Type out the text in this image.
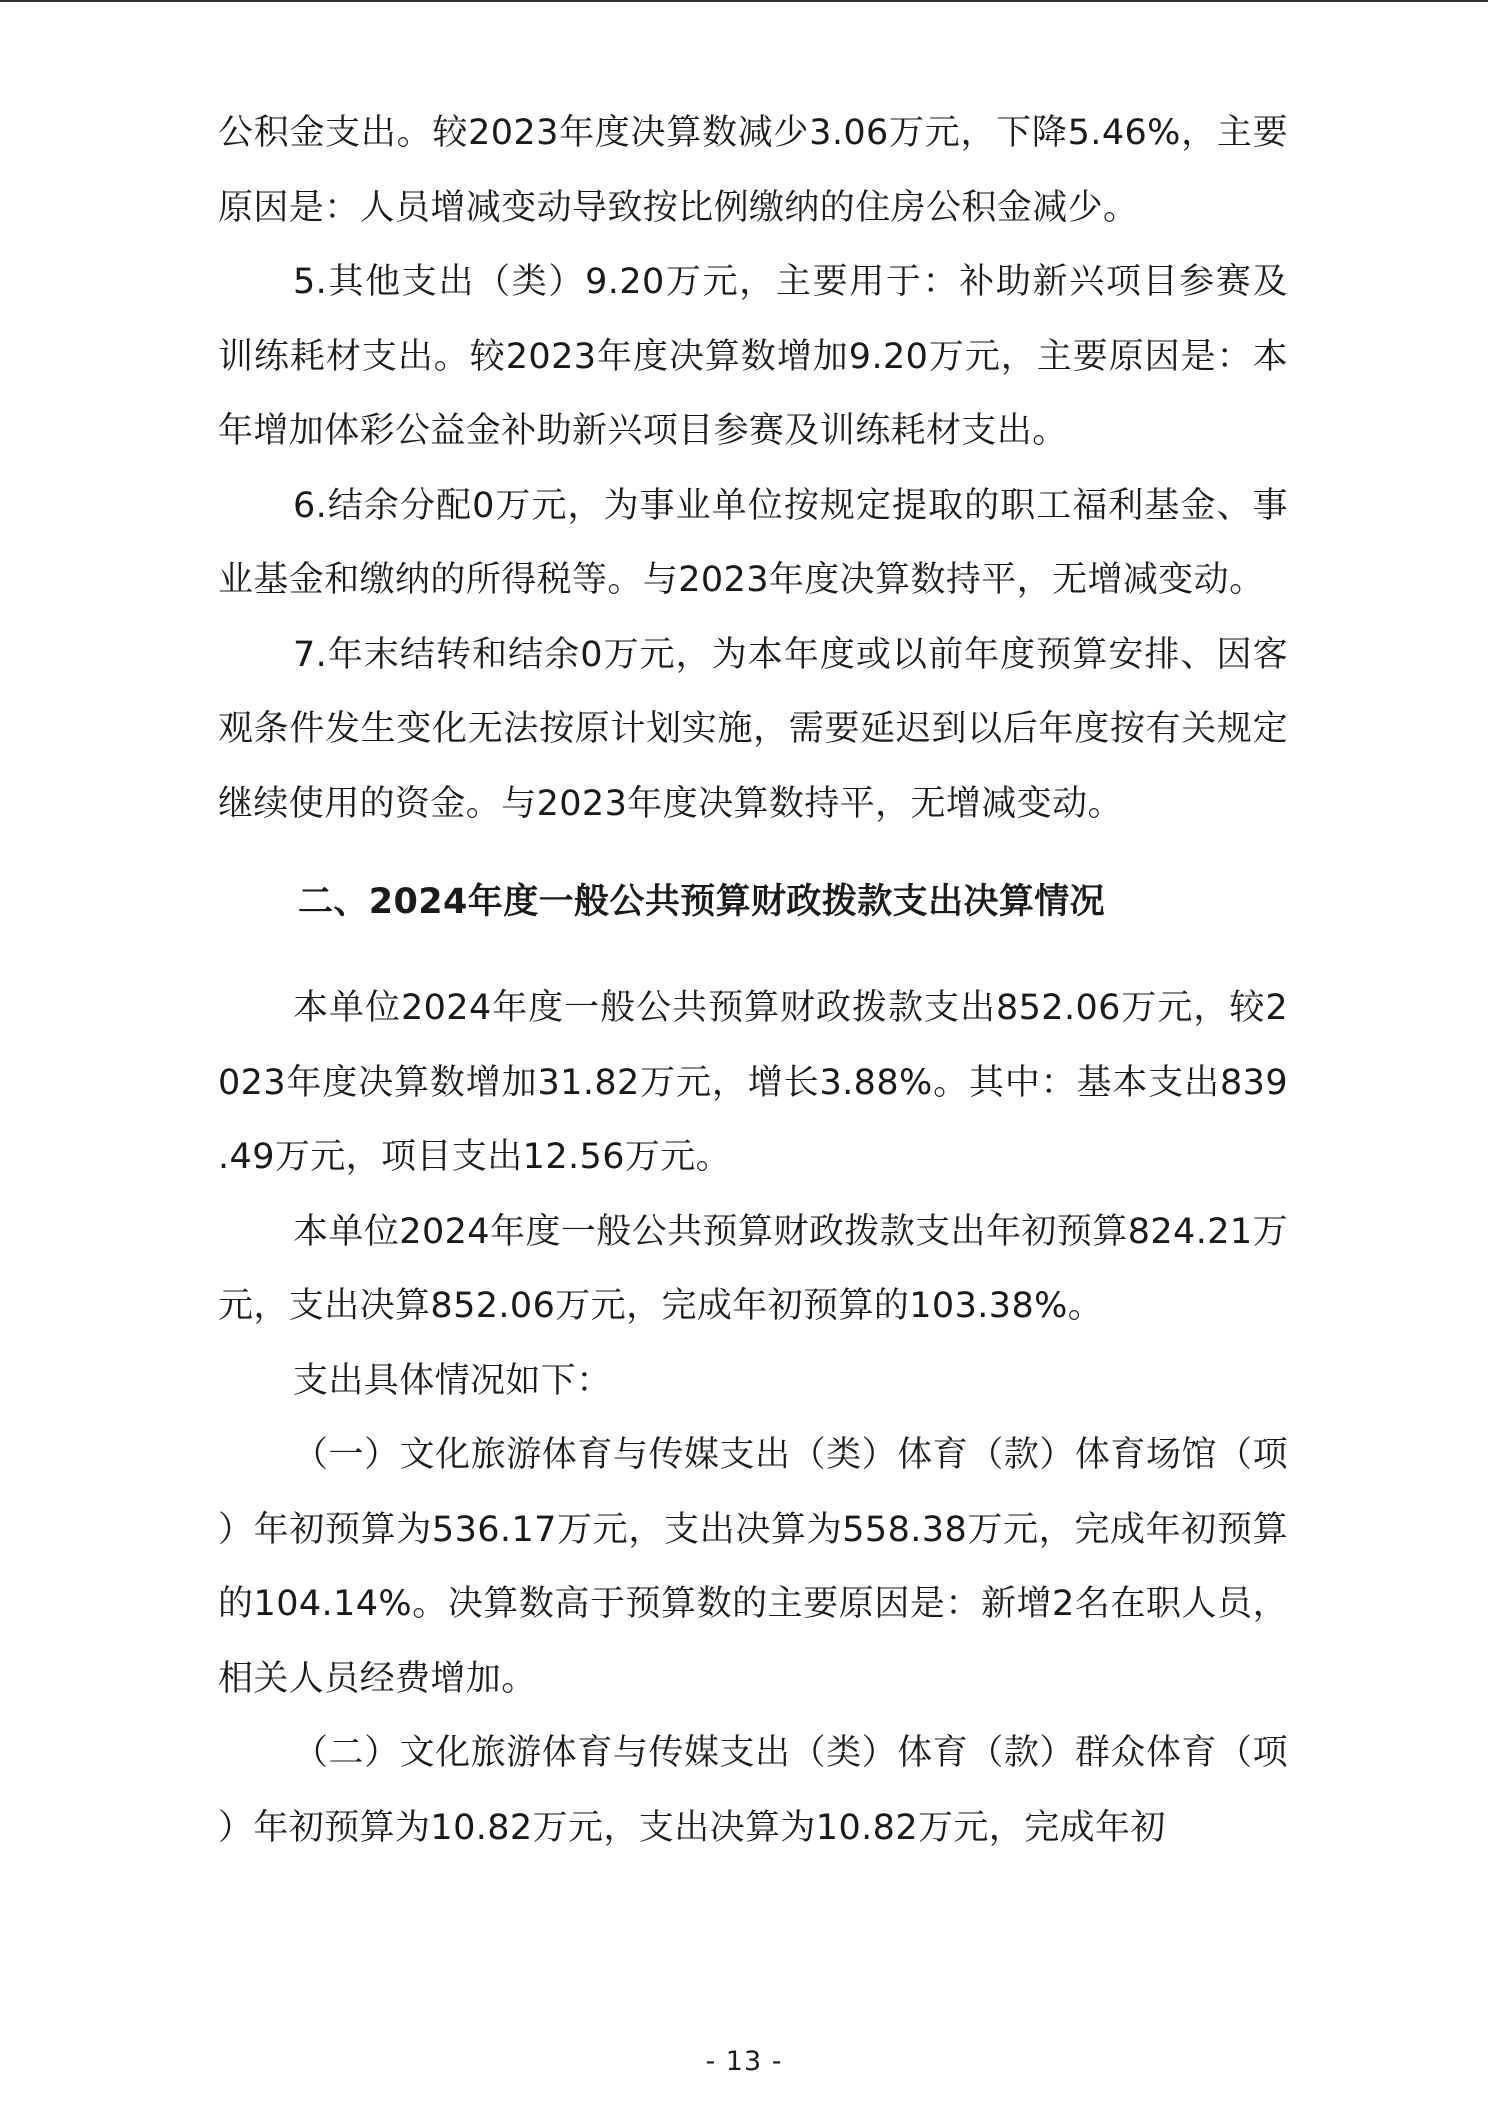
公积金支出。较2023年度决算数减少3.06万元，下降5.46%，主要原因是：人员增减变动导致按比例缴纳的住房公积金减少。

5.其他支出（类）9.20万元，主要用于：补助新兴项目参赛及训练耗材支出。较2023年度决算数增加9.20万元，主要原因是：本年增加体彩公益金补助新兴项目参赛及训练耗材支出。

6.结余分配0万元，为事业单位按规定提取的职工福利基金、事业基金和缴纳的所得税等。与2023年度决算数持平，无增减变动。

7.年末结转和结余0万元，为本年度或以前年度预算安排、因客观条件发生变化无法按原计划实施，需要延迟到以后年度按有关规定继续使用的资金。与2023年度决算数持平，无增减变动。

二、2024年度一般公共预算财政拨款支出决算情况

本单位2024年度一般公共预算财政拨款支出852.06万元，较2023年度决算数增加31.82万元，增长3.88%。其中：基本支出839.49万元，项目支出12.56万元。

本单位2024年度一般公共预算财政拨款支出年初预算824.21万元，支出决算852.06万元，完成年初预算的103.38%。

支出具体情况如下：

（一）文化旅游体育与传媒支出（类）体育（款）体育场馆（项）年初预算为536.17万元，支出决算为558.38万元，完成年初预算的104.14%。决算数高于预算数的主要原因是：新增2名在职人员，相关人员经费增加。

（二）文化旅游体育与传媒支出（类）体育（款）群众体育（项）年初预算为10.82万元，支出决算为10.82万元，完成年初

- 13 -
